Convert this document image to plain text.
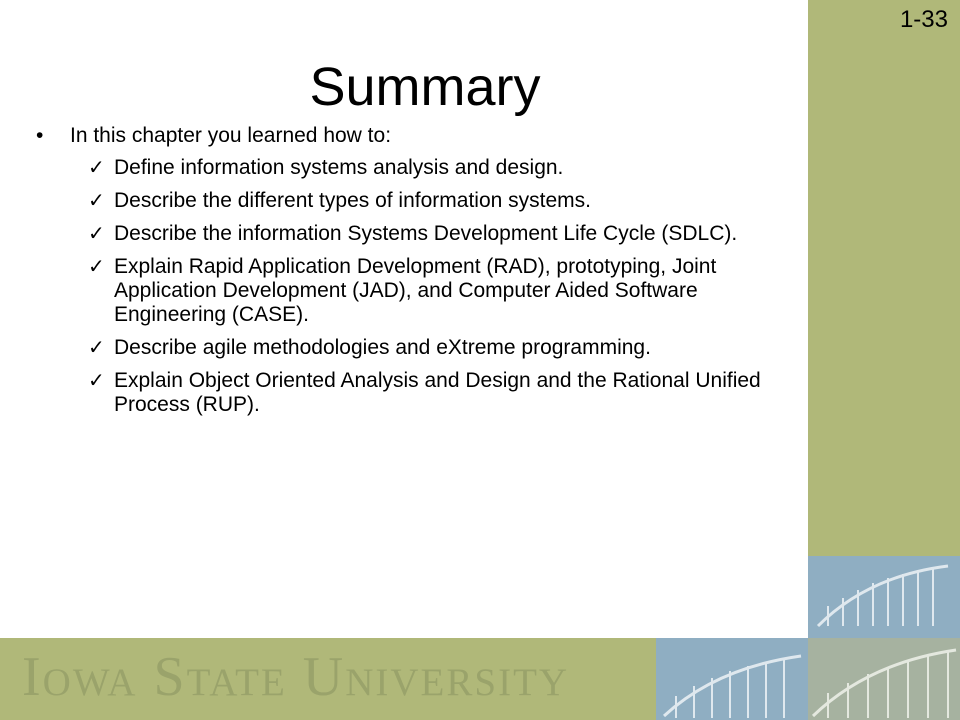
1-33
Iowa State University
Summary
• In this chapter you learned how to:
✓ Define information systems analysis and design.
✓ Describe the different types of information systems.
✓ Describe the information Systems Development Life Cycle (SDLC).
✓ Explain Rapid Application Development (RAD), prototyping, Joint Application Development (JAD), and Computer Aided Software Engineering (CASE).
✓ Describe agile methodologies and eXtreme programming.
✓ Explain Object Oriented Analysis and Design and the Rational Unified Process (RUP).
